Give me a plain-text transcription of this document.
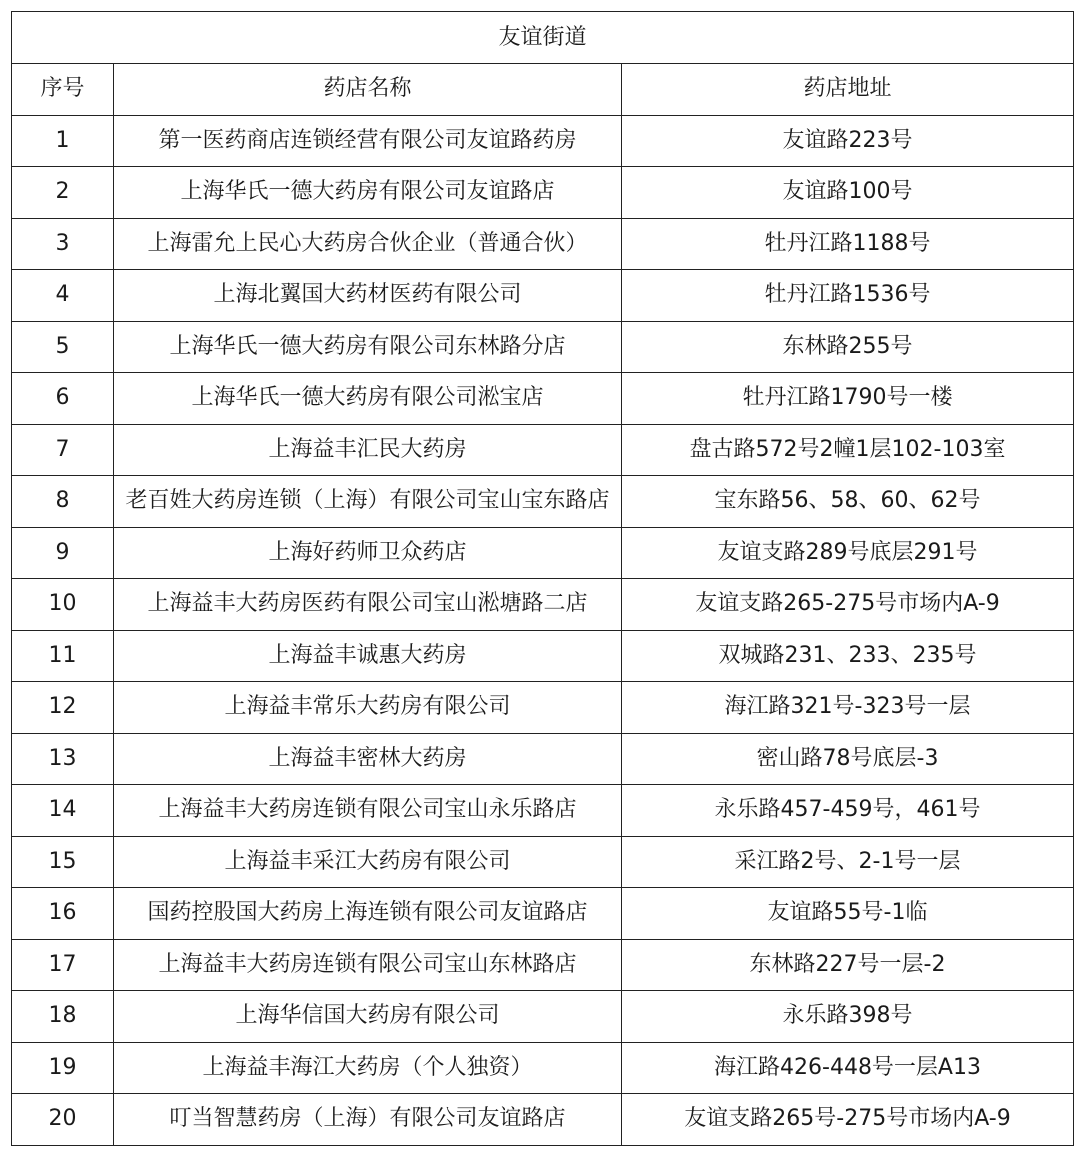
友谊街道		
序号	药店名称	药店地址
1	第一医药商店连锁经营有限公司友谊路药房	友谊路223号
2	上海华氏一德大药房有限公司友谊路店	友谊路100号
3	上海雷允上民心大药房合伙企业（普通合伙）	牡丹江路1188号
4	上海北翼国大药材医药有限公司	牡丹江路1536号
5	上海华氏一德大药房有限公司东林路分店	东林路255号
6	上海华氏一德大药房有限公司淞宝店	牡丹江路1790号一楼
7	上海益丰汇民大药房	盘古路572号2幢1层102-103室
8	老百姓大药房连锁（上海）有限公司宝山宝东路店	宝东路56、58、60、62号
9	上海好药师卫众药店	友谊支路289号底层291号
10	上海益丰大药房医药有限公司宝山淞塘路二店	友谊支路265-275号市场内A-9
11	上海益丰诚惠大药房	双城路231、233、235号
12	上海益丰常乐大药房有限公司	海江路321号-323号一层
13	上海益丰密林大药房	密山路78号底层-3
14	上海益丰大药房连锁有限公司宝山永乐路店	永乐路457-459号，461号
15	上海益丰采江大药房有限公司	采江路2号、2-1号一层
16	国药控股国大药房上海连锁有限公司友谊路店	友谊路55号-1临
17	上海益丰大药房连锁有限公司宝山东林路店	东林路227号一层-2
18	上海华信国大药房有限公司	永乐路398号
19	上海益丰海江大药房（个人独资）	海江路426-448号一层A13
20	叮当智慧药房（上海）有限公司友谊路店	友谊支路265号-275号市场内A-9
